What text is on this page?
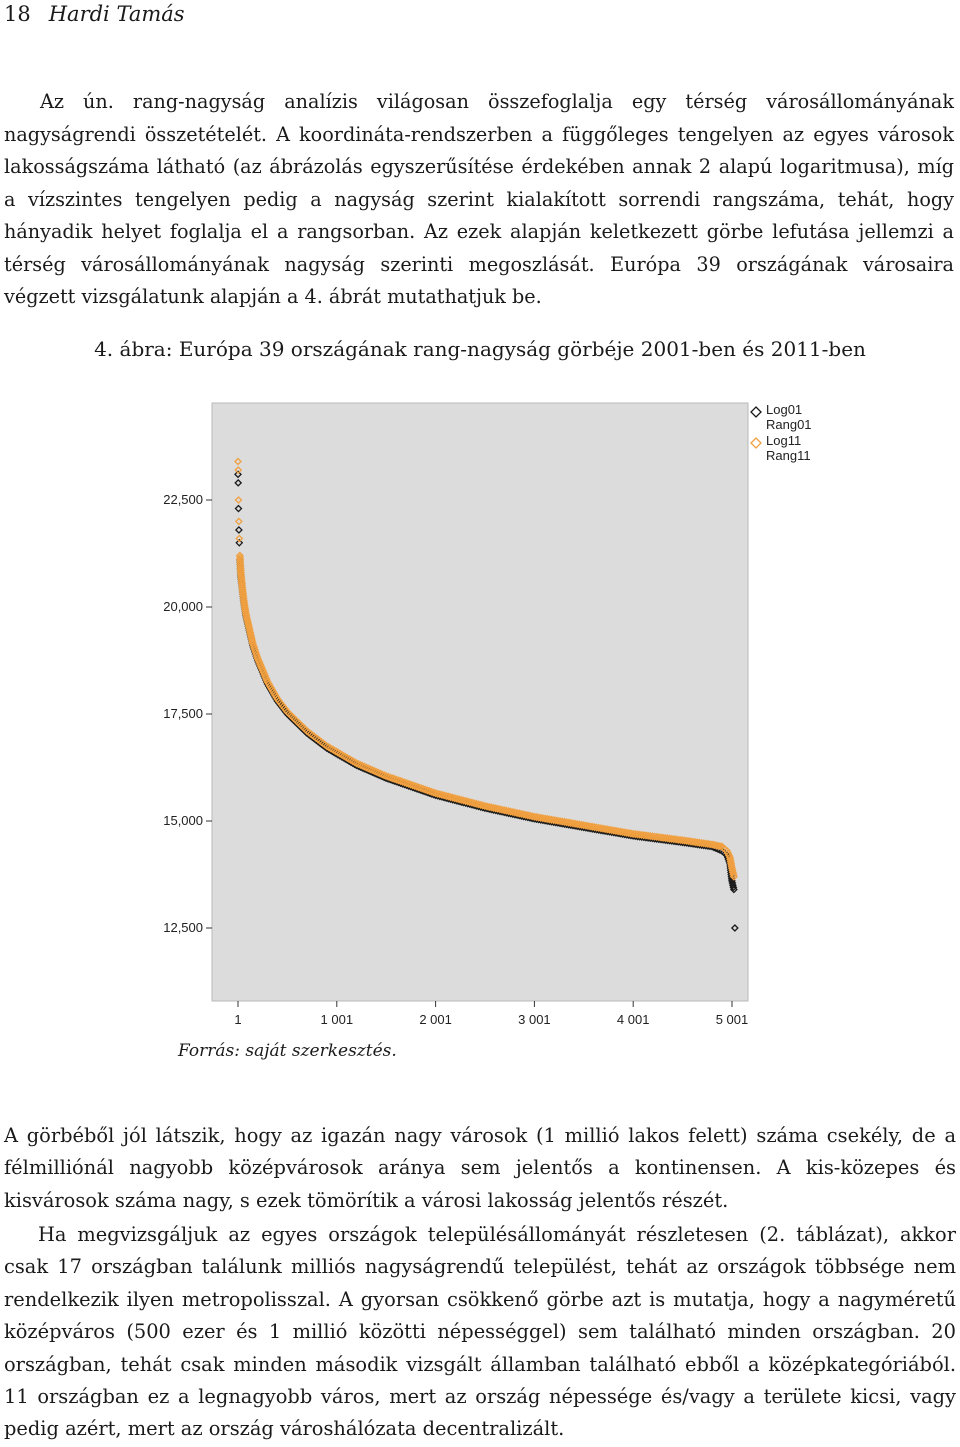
18 Hardi Tamás

Az ún. rang-nagyság analízis világosan összefoglalja egy térség városállományának nagyságrendi összetételét. A koordináta-rendszerben a függőleges tengelyen az egyes városok lakosságszáma látható (az ábrázolás egyszerűsítése érdekében annak 2 alapú logaritmusa), míg a vízszintes tengelyen pedig a nagyság szerint kialakított sorrendi rangszáma, tehát, hogy hányadik helyet foglalja el a rangsorban. Az ezek alapján keletkezett görbe lefutása jellemzi a térség városállományának nagyság szerinti megoszlását. Európa 39 országának városaira végzett vizsgálatunk alapján a 4. ábrát mutathatjuk be.

4. ábra: Európa 39 országának rang-nagyság görbéje 2001-ben és 2011-ben
12,500
15,000
17,500
20,000
22,500
1	1 001	2 001	3 001	4 001	5 001
Log01
Rang01
Log11
Rang11
Forrás: saját szerkesztés.

A görbéből jól látszik, hogy az igazán nagy városok (1 millió lakos felett) száma csekély, de a félmilliónál nagyobb középvárosok aránya sem jelentős a kontinensen. A kis-közepes és kisvárosok száma nagy, s ezek tömörítik a városi lakosság jelentős részét.

Ha megvizsgáljuk az egyes országok településállományát részletesen (2. táblázat), akkor csak 17 országban találunk milliós nagyságrendű települést, tehát az országok többsége nem rendelkezik ilyen metropolisszal. A gyorsan csökkenő görbe azt is mutatja, hogy a nagyméretű középváros (500 ezer és 1 millió közötti népességgel) sem található minden országban. 20 országban, tehát csak minden második vizsgált államban található ebből a középkategóriából. 11 országban ez a legnagyobb város, mert az ország népessége és/vagy a területe kicsi, vagy pedig azért, mert az ország városhálózata decentralizált.
